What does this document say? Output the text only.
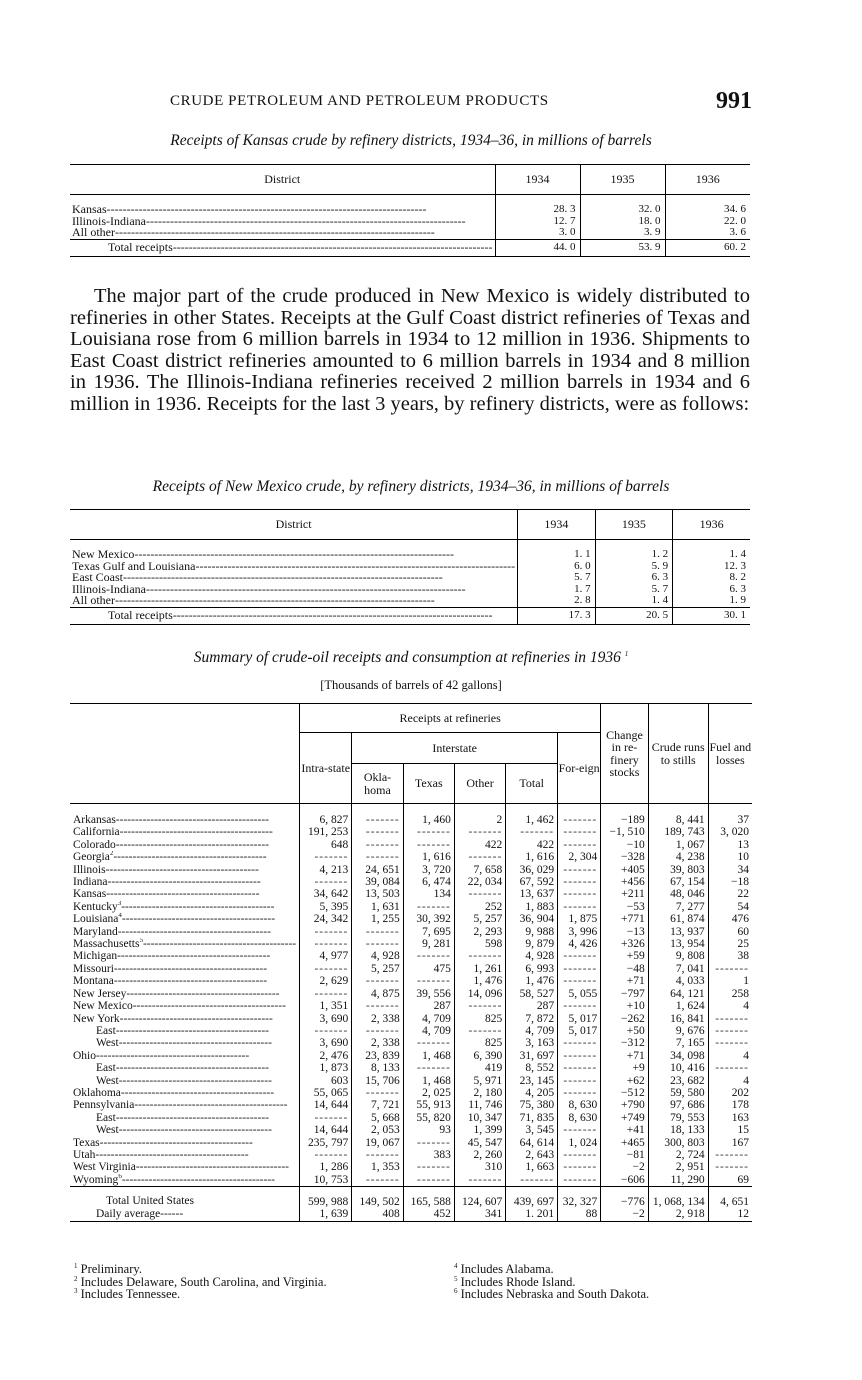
CRUDE PETROLEUM AND PETROLEUM PRODUCTS	991
Receipts of Kansas crude by refinery districts, 1934–36, in millions of barrels
District	1934	1935	1936
Kansas--------------------------------------------------------------------------------	28. 3	32. 0	34. 6
Illinois-Indiana--------------------------------------------------------------------------------	12. 7	18. 0	22. 0
All other--------------------------------------------------------------------------------	3. 0	3. 9	3. 6
Total receipts--------------------------------------------------------------------------------	44. 0	53. 9	60. 2

The major part of the crude produced in New Mexico is widely distributed to refineries in other States. Receipts at the Gulf Coast district refineries of Texas and Louisiana rose from 6 million barrels in 1934 to 12 million in 1936. Shipments to East Coast district refineries amounted to 6 million barrels in 1934 and 8 million in 1936. The Illinois-Indiana refineries received 2 million barrels in 1934 and 6 million in 1936. Receipts for the last 3 years, by refinery districts, were as follows:

Receipts of New Mexico crude, by refinery districts, 1934–36, in millions of barrels
District	1934	1935	1936
New Mexico--------------------------------------------------------------------------------	1. 1	1. 2	1. 4
Texas Gulf and Louisiana--------------------------------------------------------------------------------	6. 0	5. 9	12. 3
East Coast--------------------------------------------------------------------------------	5. 7	6. 3	8. 2
Illinois-Indiana--------------------------------------------------------------------------------	1. 7	5. 7	6. 3
All other--------------------------------------------------------------------------------	2. 8	1. 4	1. 9
Total receipts--------------------------------------------------------------------------------	17. 3	20. 5	30. 1
Summary of crude-oil receipts and consumption at refineries in 1936 $^1$
[Thousands of barrels of 42 gallons]
	Receipts at refineries						Change in re-finery stocks	Crude runs to stills	Fuel and losses
	Intra-state	Interstate				For-eign			
		Okla-homa	Texas	Other	Total				
Arkansas----------------------------------------	6, 827	-------	1, 460	2	1, 462	-------	−189	8, 441	37
California----------------------------------------	191, 253	-------	-------	-------	-------	-------	−1, 510	189, 743	3, 020
Colorado----------------------------------------	648	-------	-------	422	422	-------	−10	1, 067	13
Georgia$^2$----------------------------------------	-------	-------	1, 616	-------	1, 616	2, 304	−328	4, 238	10
Illinois----------------------------------------	4, 213	24, 651	3, 720	7, 658	36, 029	-------	+405	39, 803	34
Indiana----------------------------------------	-------	39, 084	6, 474	22, 034	67, 592	-------	+456	67, 154	−18
Kansas----------------------------------------	34, 642	13, 503	134	-------	13, 637	-------	+211	48, 046	22
Kentucky$^3$----------------------------------------	5, 395	1, 631	-------	252	1, 883	-------	−53	7, 277	54
Louisiana$^4$----------------------------------------	24, 342	1, 255	30, 392	5, 257	36, 904	1, 875	+771	61, 874	476
Maryland----------------------------------------	-------	-------	7, 695	2, 293	9, 988	3, 996	−13	13, 937	60
Massachusetts$^5$----------------------------------------	-------	-------	9, 281	598	9, 879	4, 426	+326	13, 954	25
Michigan----------------------------------------	4, 977	4, 928	-------	-------	4, 928	-------	+59	9, 808	38
Missouri----------------------------------------	-------	5, 257	475	1, 261	6, 993	-------	−48	7, 041	-------
Montana----------------------------------------	2, 629	-------	-------	1, 476	1, 476	-------	+71	4, 033	1
New Jersey----------------------------------------	-------	4, 875	39, 556	14, 096	58, 527	5, 055	−797	64, 121	258
New Mexico----------------------------------------	1, 351	-------	287	-------	287	-------	+10	1, 624	4
New York----------------------------------------	3, 690	2, 338	4, 709	825	7, 872	5, 017	−262	16, 841	-------
East----------------------------------------	-------	-------	4, 709	-------	4, 709	5, 017	+50	9, 676	-------
West----------------------------------------	3, 690	2, 338	-------	825	3, 163	-------	−312	7, 165	-------
Ohio----------------------------------------	2, 476	23, 839	1, 468	6, 390	31, 697	-------	+71	34, 098	4
East----------------------------------------	1, 873	8, 133	-------	419	8, 552	-------	+9	10, 416	-------
West----------------------------------------	603	15, 706	1, 468	5, 971	23, 145	-------	+62	23, 682	4
Oklahoma----------------------------------------	55, 065	-------	2, 025	2, 180	4, 205	-------	−512	59, 580	202
Pennsylvania----------------------------------------	14, 644	7, 721	55, 913	11, 746	75, 380	8, 630	+790	97, 686	178
East----------------------------------------	-------	5, 668	55, 820	10, 347	71, 835	8, 630	+749	79, 553	163
West----------------------------------------	14, 644	2, 053	93	1, 399	3, 545	-------	+41	18, 133	15
Texas----------------------------------------	235, 797	19, 067	-------	45, 547	64, 614	1, 024	+465	300, 803	167
Utah----------------------------------------	-------	-------	383	2, 260	2, 643	-------	−81	2, 724	-------
West Virginia----------------------------------------	1, 286	1, 353	-------	310	1, 663	-------	−2	2, 951	-------
Wyoming$^6$----------------------------------------	10, 753	-------	-------	-------	-------	-------	−606	11, 290	69
Total United States	599, 988	149, 502	165, 588	124, 607	439, 697	32, 327	−776	1, 068, 134	4, 651
Daily average------	1, 639	408	452	341	1. 201	88	−2	2, 918	12
$^1$ Preliminary.
$^2$ Includes Delaware, South Carolina, and Virginia.
$^3$ Includes Tennessee.
$^4$ Includes Alabama.
$^5$ Includes Rhode Island.
$^6$ Includes Nebraska and South Dakota.
